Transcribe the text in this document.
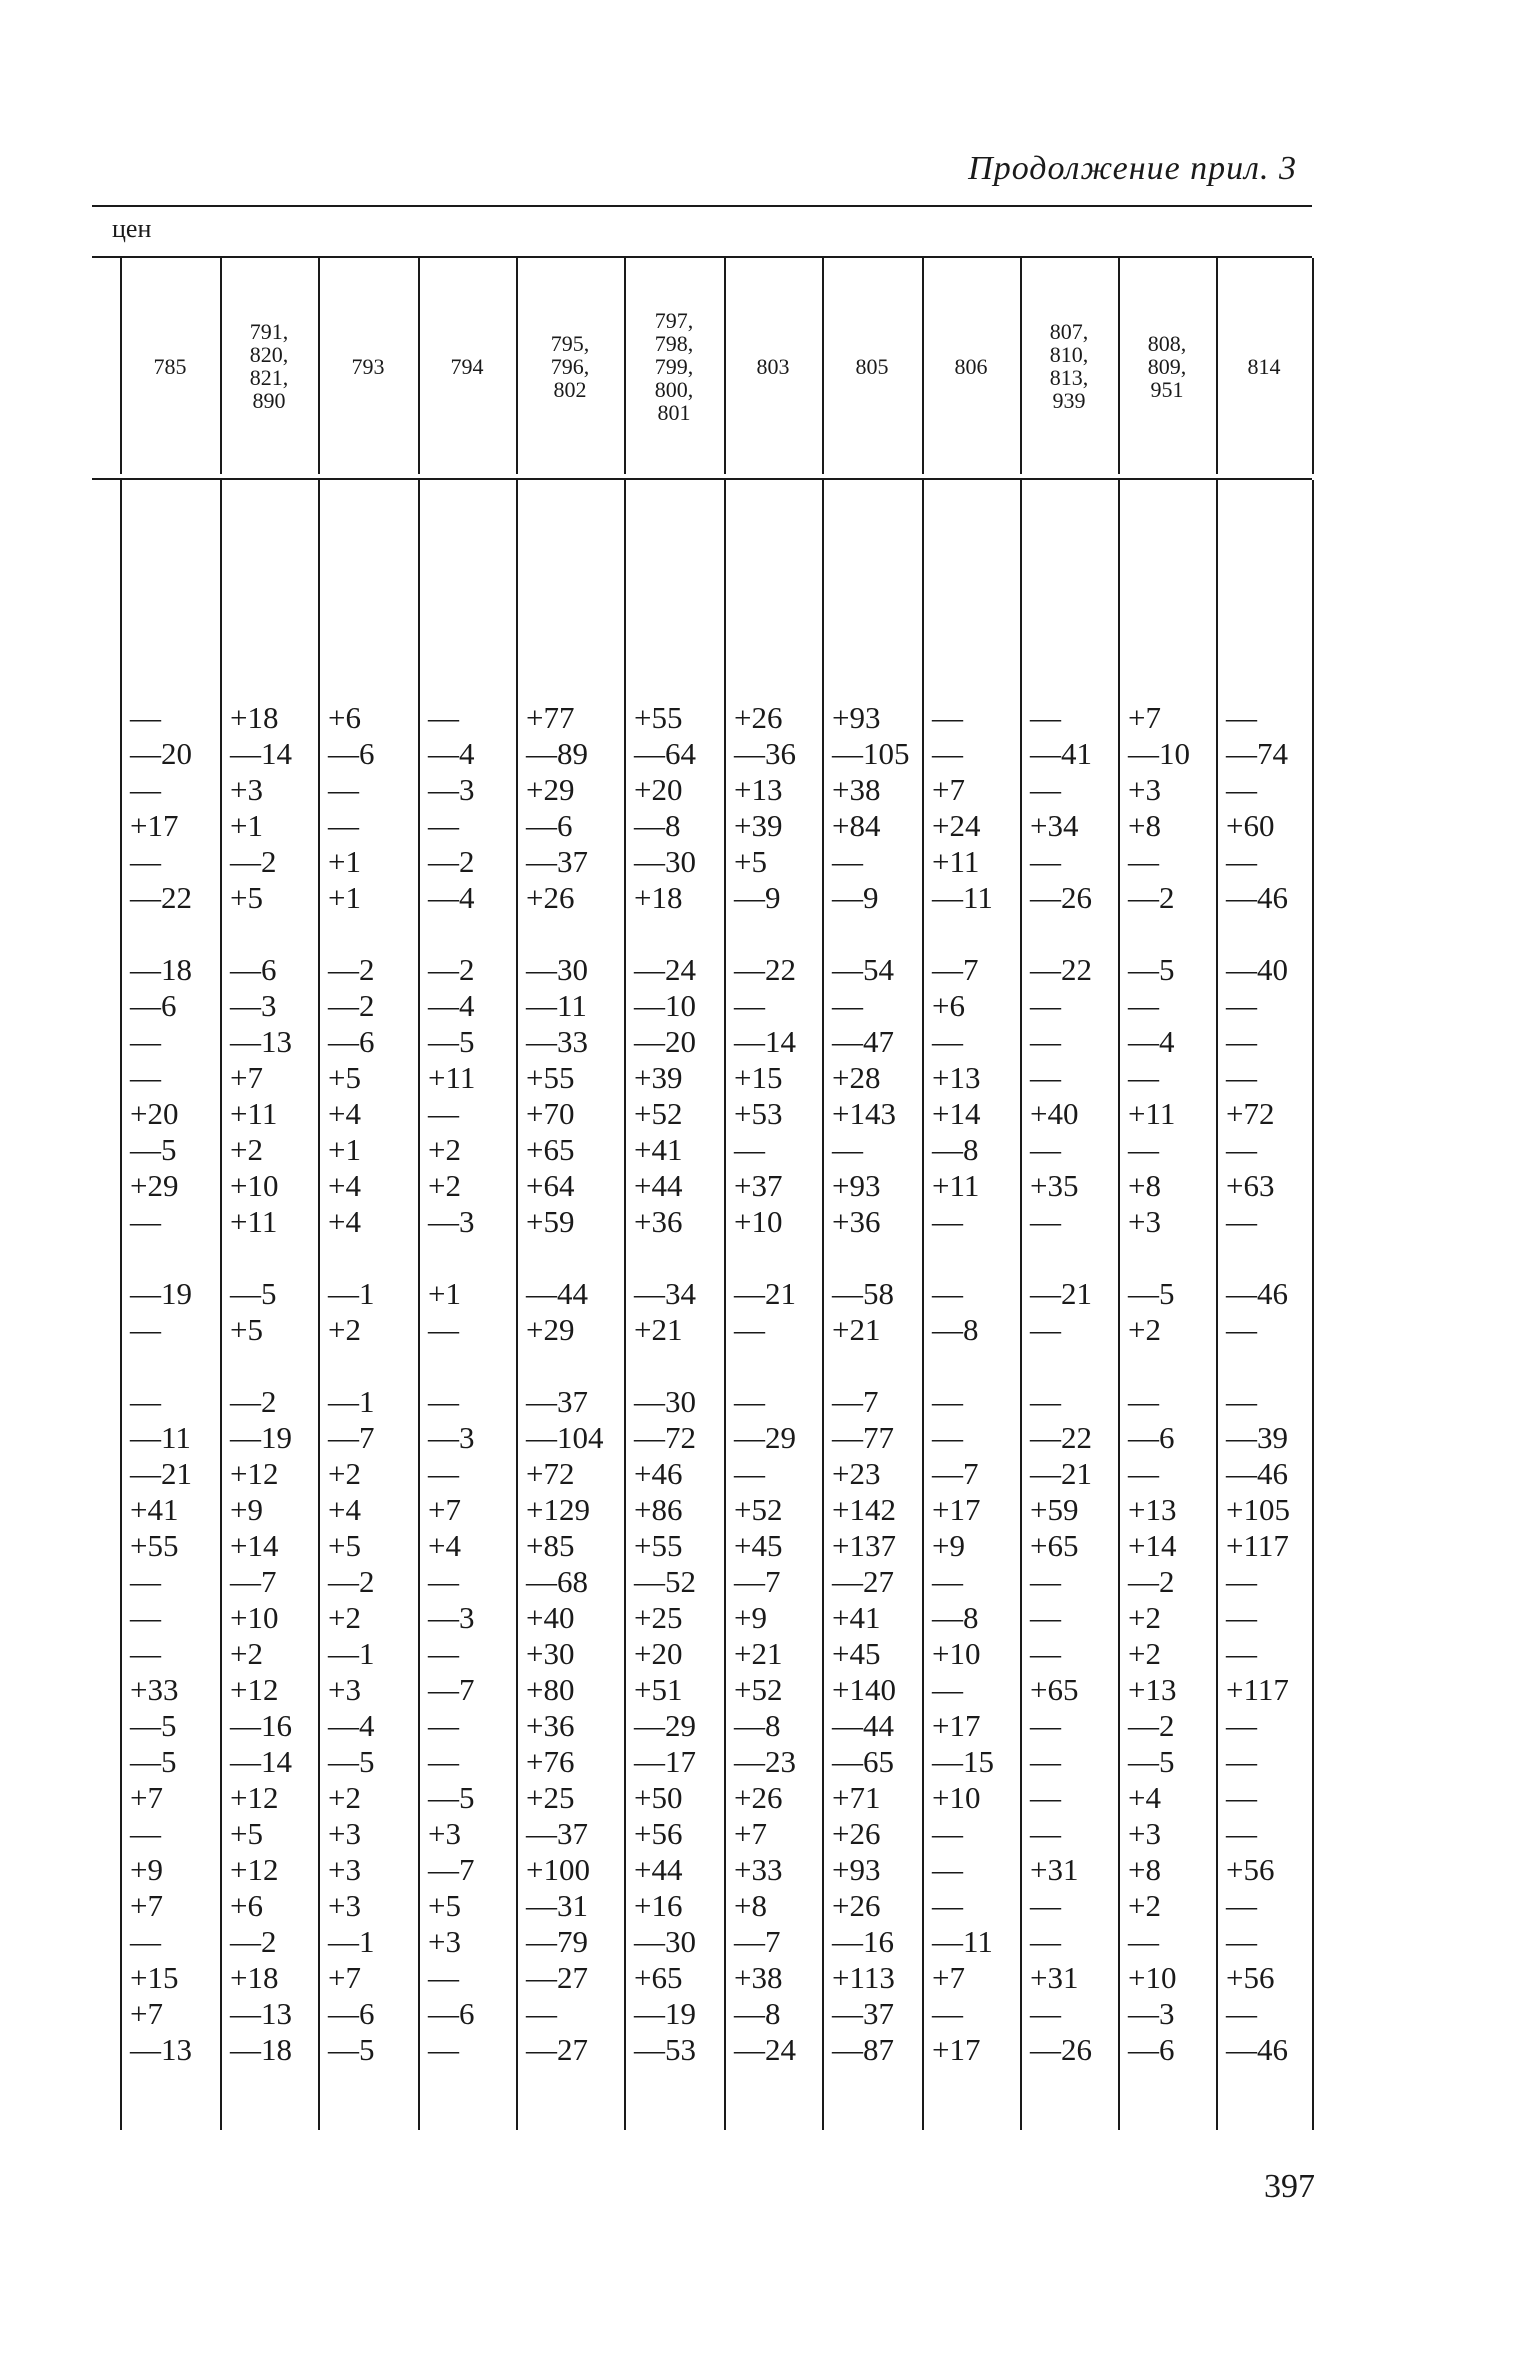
Продолжение прил. 3
цен
785
—
—20
—
+17
—
—22
—18
—6
—
—
+20
—5
+29
—
—19
—
—
—11
—21
+41
+55
—
—
—
+33
—5
—5
+7
—
+9
+7
—
+15
+7
—13
791,
820,
821,
890
+18
—14
+3
+1
—2
+5
—6
—3
—13
+7
+11
+2
+10
+11
—5
+5
—2
—19
+12
+9
+14
—7
+10
+2
+12
—16
—14
+12
+5
+12
+6
—2
+18
—13
—18
793
+6
—6
—
—
+1
+1
—2
—2
—6
+5
+4
+1
+4
+4
—1
+2
—1
—7
+2
+4
+5
—2
+2
—1
+3
—4
—5
+2
+3
+3
+3
—1
+7
—6
—5
794
—
—4
—3
—
—2
—4
—2
—4
—5
+11
—
+2
+2
—3
+1
—
—
—3
—
+7
+4
—
—3
—
—7
—
—
—5
+3
—7
+5
+3
—
—6
—
795,
796,
802
+77
—89
+29
—6
—37
+26
—30
—11
—33
+55
+70
+65
+64
+59
—44
+29
—37
—104
+72
+129
+85
—68
+40
+30
+80
+36
+76
+25
—37
+100
—31
—79
—27
—
—27
797,
798,
799,
800,
801
+55
—64
+20
—8
—30
+18
—24
—10
—20
+39
+52
+41
+44
+36
—34
+21
—30
—72
+46
+86
+55
—52
+25
+20
+51
—29
—17
+50
+56
+44
+16
—30
+65
—19
—53
803
+26
—36
+13
+39
+5
—9
—22
—
—14
+15
+53
—
+37
+10
—21
—
—
—29
—
+52
+45
—7
+9
+21
+52
—8
—23
+26
+7
+33
+8
—7
+38
—8
—24
805
+93
—105
+38
+84
—
—9
—54
—
—47
+28
+143
—
+93
+36
—58
+21
—7
—77
+23
+142
+137
—27
+41
+45
+140
—44
—65
+71
+26
+93
+26
—16
+113
—37
—87
806
—
—
+7
+24
+11
—11
—7
+6
—
+13
+14
—8
+11
—
—
—8
—
—
—7
+17
+9
—
—8
+10
—
+17
—15
+10
—
—
—
—11
+7
—
+17
807,
810,
813,
939
—
—41
—
+34
—
—26
—22
—
—
—
+40
—
+35
—
—21
—
—
—22
—21
+59
+65
—
—
—
+65
—
—
—
—
+31
—
—
+31
—
—26
808,
809,
951
+7
—10
+3
+8
—
—2
—5
—
—4
—
+11
—
+8
+3
—5
+2
—
—6
—
+13
+14
—2
+2
+2
+13
—2
—5
+4
+3
+8
+2
—
+10
—3
—6
814
—
—74
—
+60
—
—46
—40
—
—
—
+72
—
+63
—
—46
—
—
—39
—46
+105
+117
—
—
—
+117
—
—
—
—
+56
—
—
+56
—
—46
397
